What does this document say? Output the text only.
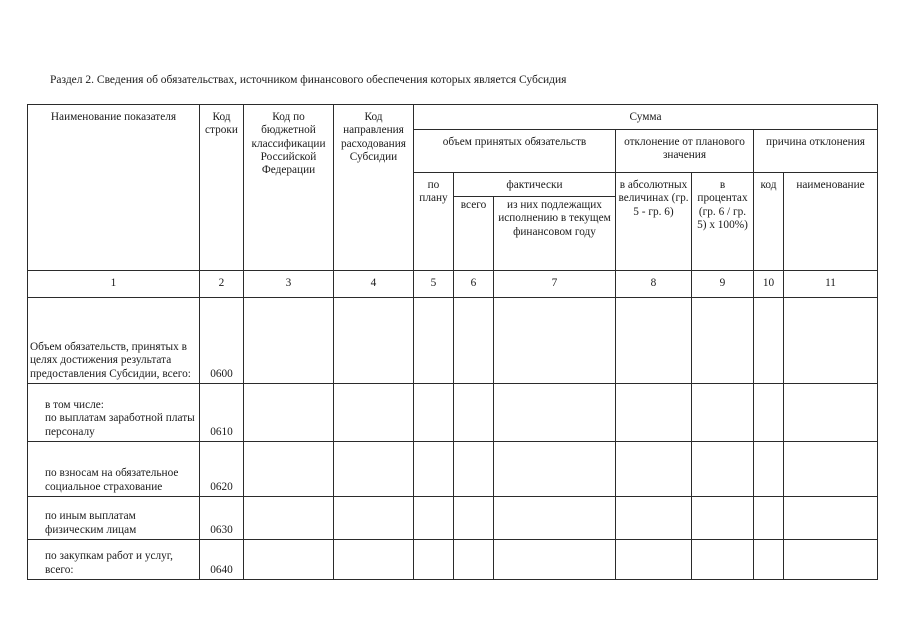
Раздел 2. Сведения об обязательствах, источником финансового обеспечения которых является Субсидия
Наименование показателя	Код строки	Код по бюджетной классификации Российской Федерации	Код направления расходования Субсидии	Сумма						
				объем принятых обязательств			отклонение от планового значения		причина отклонения	
				по плану	фактически		в абсолютных величинах (гр. 5 - гр. 6)	в процентах (гр. 6 / гр. 5) x 100%)	код	наименование
					всего	из них подлежащих исполнению в текущем финансовом году				
1	2	3	4	5	6	7	8	9	10	11
Объем обязательств, принятых в целях достижения результата предоставления Субсидии, всего:	0600									
в том числе:
по выплатам заработной платы персоналу	0610									
по взносам на обязательное социальное страхование	0620									
по иным выплатам физическим лицам	0630									
по закупкам работ и услуг, всего:	0640									
